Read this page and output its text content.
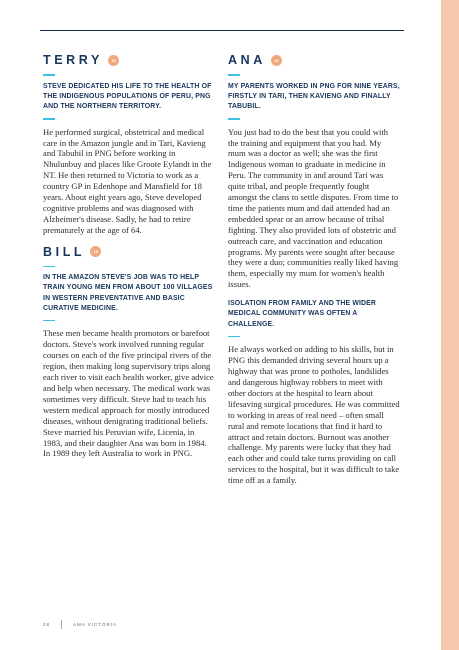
TERRY	18
STEVE DEDICATED HIS LIFE TO THE HEALTH OF THE INDIGENOUS POPULATIONS OF PERU, PNG AND THE NORTHERN TERRITORY.

He performed surgical, obstetrical and medical care in the Amazon jungle and in Tari, Kavieng and Tabubil in PNG before working in Nhulunbuy and places like Groote Eylandt in the NT. He then returned to Victoria to work as a country GP in Edenhope and Mansfield for 18 years. About eight years ago, Steve developed cognitive problems and was diagnosed with Alzheimer's disease. Sadly, he had to retire prematurely at the age of 64.

BILL	18
IN THE AMAZON STEVE'S JOB WAS TO HELP TRAIN YOUNG MEN FROM ABOUT 100 VILLAGES IN WESTERN PREVENTATIVE AND BASIC CURATIVE MEDICINE.

These men became health promotors or barefoot doctors. Steve's work involved running regular courses on each of the five principal rivers of the region, then making long supervisory trips along each river to visit each health worker, give advice and help when necessary. The medical work was sometimes very difficult. Steve had to teach his western medical approach for mostly introduced diseases, without denigrating traditional beliefs. Steve married his Peruvian wife, Licenia, in 1983, and their daughter Ana was born in 1984. In 1989 they left Australia to work in PNG.

ANA	18
MY PARENTS WORKED IN PNG FOR NINE YEARS, FIRSTLY IN TARI, THEN KAVIENG AND FINALLY TABUBIL.

You just had to do the best that you could with the training and equipment that you had. My mum was a doctor as well; she was the first Indigenous woman to graduate in medicine in Peru. The community in and around Tari was quite tribal, and people frequently fought amongst the clans to settle disputes. From time to time the patients mum and dad attended had an embedded spear or an arrow because of tribal fighting. They also provided lots of obstetric and outreach care, and vaccination and education programs. My parents were sought after because they were a duo; communities really liked having them, especially my mum for women's health issues.

ISOLATION FROM FAMILY AND THE WIDER MEDICAL COMMUNITY WAS OFTEN A CHALLENGE.

He always worked on adding to his skills, but in PNG this demanded driving several hours up a highway that was prone to potholes, landslides and dangerous highway robbers to meet with other doctors at the hospital to learn about lifesaving surgical procedures. He was committed to working in areas of real need – often small rural and remote locations that find it hard to attract and retain doctors. Burnout was another challenge. My parents were lucky that they had each other and could take turns providing on call services to the hospital, but it was difficult to take time off as a family.

28	AMA VICTORIA
